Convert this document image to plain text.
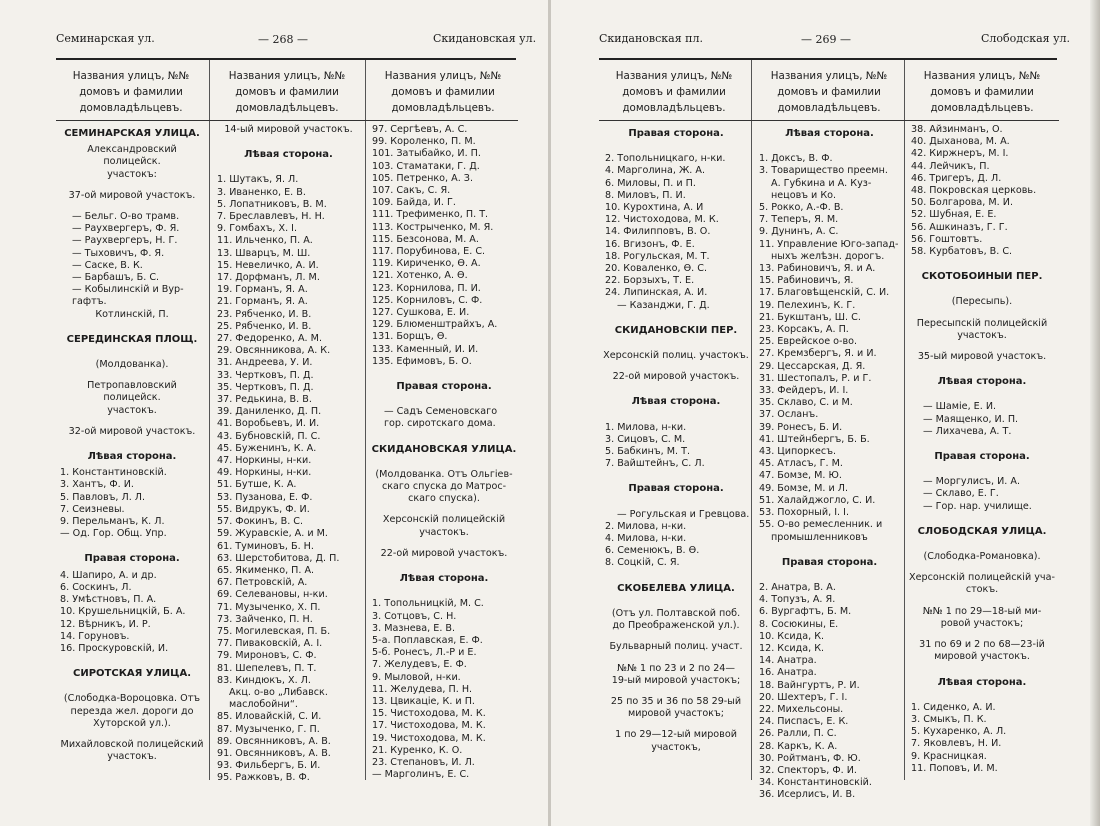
Семинарская ул.	— 268 —	Скидановская ул.
Названия улицъ, №№
домовъ и фамилии
домовладѣльцевъ.
Названия улицъ, №№
домовъ и фамилии
домовладѣльцевъ.
Названия улицъ, №№
домовъ и фамилии
домовладѣльцевъ.
СЕМИНАРСКАЯ УЛИЦА.
Александровский полицейск.
участокъ:
37-ой мировой участокъ.
— Бельг. О-во трамв.
— Раухвергеръ, Ф. Я.
— Раухвергеръ, Н. Г.
— Тыховичъ, Ф. Я.
— Саске, В. К.
— Барбашъ, Б. С.
— Кобылинскiй и Вур-
гафтъ.
Котлинскiй, П.
СЕРЕДИНСКАЯ ПЛОЩ.
(Молдованка).
Петропавловский полицейск.
участокъ.
32-ой мировой участокъ.
Лѣвая сторона.
1. Константиновскiй.
3. Хантъ, Ф. И.
5. Павловъ, Л. Л.
7. Сеизневы.
9. Перельманъ, К. Л.
— Од. Гор. Общ. Упр.
Правая сторона.
4. Шапиро, А. и др.
6. Соскинъ, Л.
8. Умѣстновъ, П. А.
10. Крушельницкiй, Б. А.
12. Вѣрникъ, И. Р.
14. Горуновъ.
16. Проскуровскiй, И.
СИРОТСКАЯ УЛИЦА.
(Слободка-Вороцовка. Отъ
перезда жел. дороги до
Хуторской ул.).
Михайловской полицейский
участокъ.
14-ый мировой участокъ.
Лѣвая сторона.
1. Шутакъ, Я. Л.
3. Иваненко, Е. В.
5. Лопатниковъ, В. М.
7. Бреславлевъ, Н. Н.
9. Гомбахъ, Х. I.
11. Ильченко, П. А.
13. Шварцъ, М. Ш.
15. Невеличко, А. И.
17. Дорфманъ, Л. М.
19. Горманъ, Я. А.
21. Горманъ, Я. А.
23. Рябченко, И. В.
25. Рябченко, И. В.
27. Федоренко, А. М.
29. Овсянникова, А. К.
31. Андреева, У. И.
33. Чертковъ, П. Д.
35. Чертковъ, П. Д.
37. Редькина, В. В.
39. Даниленко, Д. П.
41. Воробьевъ, И. И.
43. Бубновскiй, П. С.
45. Буженинъ, К. А.
47. Норкины, н-ки.
49. Норкины, н-ки.
51. Бутше, К. А.
53. Пузанова, Е. Ф.
55. Видрукъ, Ф. И.
57. Фокинъ, В. С.
59. Журавскiе, А. и М.
61. Туминовъ, Б. Н.
63. Шерстобитова, Д. П.
65. Якименко, П. А.
67. Петровскiй, А.
69. Селевановы, н-ки.
71. Музыченко, Х. П.
73. Зайченко, П. Н.
75. Могилевская, П. Б.
77. Пиваковскiй, А. I.
79. Мироновъ, С. Ф.
81. Шепелевъ, П. Т.
83. Киндюкъ, Х. Л.
Акц. о-во „Либавск.
маслобойни“.
85. Иловайскiй, С. И.
87. Музыченко, Г. П.
89. Овсянниковъ, А. В.
91. Овсянниковъ, А. В.
93. Фильбергъ, Б. И.
95. Ражковъ, В. Ф.
97. Сергѣевъ, А. С.
99. Короленко, П. М.
101. Затыбайко, И. П.
103. Стаматаки, Г. Д.
105. Петренко, А. З.
107. Сакъ, С. Я.
109. Байда, И. Г.
111. Трефименко, П. Т.
113. Кострыченко, М. Я.
115. Безсонова, М. А.
117. Порубинова, Е. С.
119. Кириченко, Ѳ. А.
121. Хотенко, А. Ѳ.
123. Корнилова, П. И.
125. Корниловъ, С. Ф.
127. Сушкова, Е. И.
129. Блюменштрайхъ, А.
131. Борщъ, Ѳ.
133. Каменный, И. И.
135. Ефимовъ, Б. О.
Правая сторона.
— Садъ Семеновскаго
гор. сиротскаго дома.
СКИДАНОВСКАЯ УЛИЦА.
(Молдованка. Отъ Ольгiев-
скаго спуска до Матрос-
скаго спуска).
Херсонскiй полицейскiй
участокъ.
22-ой мировой участокъ.
Лѣвая сторона.
1. Топольницкiй, М. С.
3. Сотцовъ, С. Н.
3. Мазнева, Е. В.
5-а. Поплавская, Е. Ф.
5-б. Ронесъ, Л.-Р и Е.
7. Желудевъ, Е. Ф.
9. Мыловой, н-ки.
11. Желудева, П. Н.
13. Цвикацiе, К. и П.
15. Чистоходова, М. К.
17. Чистоходова, М. К.
19. Чистоходова, М. К.
21. Куренко, К. О.
23. Степановъ, И. Л.
— Марголинъ, Е. С.
Скидановская пл.	— 269 —	Слободская ул.
Названия улицъ, №№
домовъ и фамилии
домовладѣльцевъ.
Названия улицъ, №№
домовъ и фамилии
домовладѣльцевъ.
Названия улицъ, №№
домовъ и фамилии
домовладѣльцевъ.
Правая сторона.
2. Топольницкаго, н-ки.
4. Марголина, Ж. А.
6. Миловы, П. и П.
8. Миловъ, П. И.
10. Курохтина, А. И
12. Чистоходова, М. К.
14. Филипповъ, В. О.
16. Вгизонъ, Ф. Е.
18. Рогульская, М. Т.
20. Коваленко, Ѳ. С.
22. Борзыхъ, Т. Е.
24. Липинская, А. И.
— Казанджи, Г. Д.
СКИДАНОВСКIЙ ПЕР.
Херсонскiй полиц. участокъ.
22-ой мировой участокъ.
Лѣвая сторона.
1. Милова, н-ки.
3. Сицовъ, С. М.
5. Бабкинъ, М. Т.
7. Вайштейнъ, С. Л.
Правая сторона.
— Рогульская и Гревцова.
2. Милова, н-ки.
4. Милова, н-ки.
6. Семенюкъ, В. Ѳ.
8. Соцкiй, С. Я.
СКОБЕЛЕВА УЛИЦА.
(Отъ ул. Полтавской поб.
до Преображенской ул.).
Бульварный полиц. участ.
№№ 1 по 23 и 2 по 24—
19-ый мировой участокъ;
25 по 35 и 36 по 58 29-ый
мировой участокъ;
1 по 29—12-ый мировой
участокъ,
Лѣвая сторона.
1. Доксъ, В. Ф.
3. Товарищество преемн.
А. Губкина и А. Куз-
нецовъ и Ко.
5. Рокко, А.-Ф. В.
7. Теперъ, Я. М.
9. Дунинъ, А. С.
11. Управление Юго-запад-
ныхъ желѣзн. дорогъ.
13. Рабиновичъ, Я. и А.
15. Рабиновичъ, Я.
17. Благовѣщенскiй, С. И.
19. Пелехинъ, К. Г.
21. Букштанъ, Ш. С.
23. Корсакъ, А. П.
25. Еврейское о-во.
27. Кремзбергъ, Я. и И.
29. Цессарская, Д. Я.
31. Шестопалъ, Р. и Г.
33. Фейдеръ, И. I.
35. Склаво, С. и М.
37. Осланъ.
39. Ронесъ, Б. И.
41. Штейнбергъ, Б. Б.
43. Ципоркесъ.
45. Атласъ, Г. М.
47. Бомзе, М. Ю.
49. Бомзе, М. и Л.
51. Халайджогло, С. И.
53. Похорный, I. I.
55. О-во ремесленник. и
промышленниковъ
Правая сторона.
2. Анатра, В. А.
4. Топузъ, А. Я.
6. Вургафтъ, Б. М.
8. Сосюкины, Е.
10. Ксида, К.
12. Ксида, К.
14. Анатра.
16. Анатра.
18. Вайнгуртъ, Р. И.
20. Шехтеръ, Г. I.
22. Михельсоны.
24. Пиcпасъ, Е. К.
26. Ралли, П. С.
28. Каркъ, К. А.
30. Ройтманъ, Ф. Ю.
32. Спекторъ, Ф. И.
34. Константиновскiй.
36. Исерлисъ, И. В.
38. Айзинманъ, О.
40. Дыханова, М. А.
42. Киржнеръ, М. I.
44. Лейчикъ, П.
46. Тригеръ, Д. Л.
48. Покровская церковь.
50. Болгарова, М. И.
52. Шубная, Е. Е.
56. Ашкиназъ, Г. Г.
56. Гоштовтъ.
58. Курбатовъ, В. С.
СКОТОБОЙНЫЙ ПЕР.
(Пересыпь).
Пересыпскiй полицейскiй
участокъ.
35-ый мировой участокъ.
Лѣвая сторона.
— Шамiе, Е. И.
— Маященко, И. П.
— Лихачева, А. Т.
Правая сторона.
— Моргулисъ, И. А.
— Склаво, Е. Г.
— Гор. нар. училище.
СЛОБОДСКАЯ УЛИЦА.
(Слободка-Романовка).
Херсонскiй полицейскiй уча-
стокъ.
№№ 1 по 29—18-ый ми-
ровой участокъ;
31 по 69 и 2 по 68—23-iй
мировой участокъ.
Лѣвая сторона.
1. Сиденко, А. И.
3. Смыкъ, П. К.
5. Кухаренко, А. Л.
7. Яковлевъ, Н. И.
9. Красницкая.
11. Поповъ, И. М.
